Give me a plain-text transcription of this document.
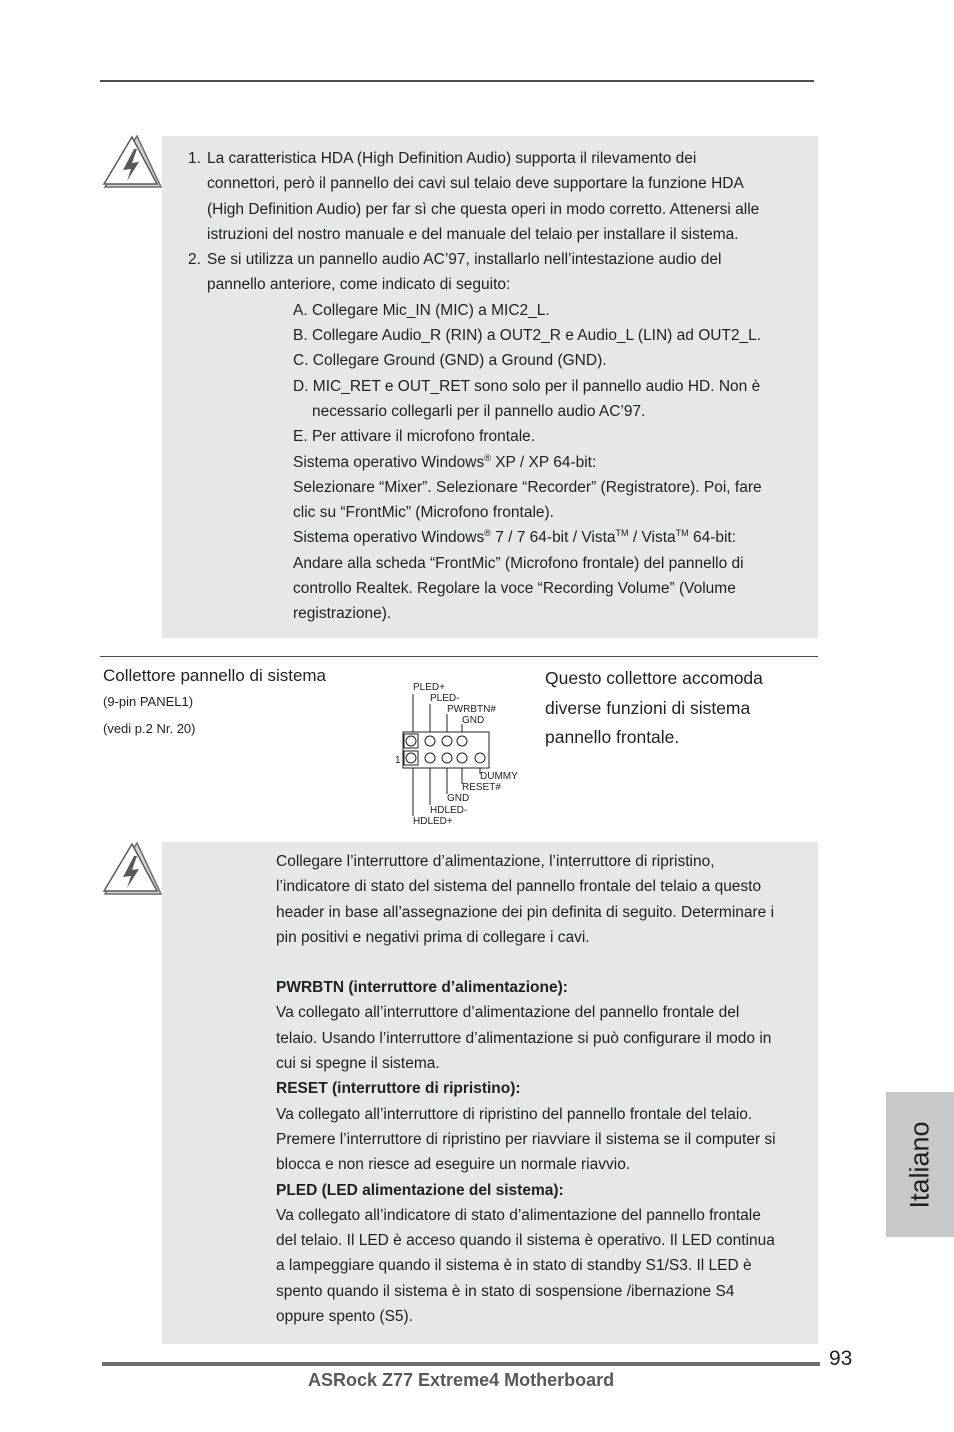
1. La caratteristica HDA (High Definition Audio) supporta il rilevamento dei

connettori, però il pannello dei cavi sul telaio deve supportare la funzione HDA

(High Definition Audio) per far sì che questa operi in modo corretto. Attenersi alle

istruzioni del nostro manuale e del manuale del telaio per installare il sistema.

2. Se si utilizza un pannello audio AC’97, installarlo nell’intestazione audio del

pannello anteriore, come indicato di seguito:

A. Collegare Mic_IN (MIC) a MIC2_L.

B. Collegare Audio_R (RIN) a OUT2_R e Audio_L (LIN) ad OUT2_L.

C. Collegare Ground (GND) a Ground (GND).

D. MIC_RET e OUT_RET sono solo per il pannello audio HD. Non è

necessario collegarli per il pannello audio AC’97.

E. Per attivare il microfono frontale.

Sistema operativo Windows® XP / XP 64-bit:

Selezionare “Mixer”. Selezionare “Recorder” (Registratore). Poi, fare

clic su “FrontMic” (Microfono frontale).

Sistema operativo Windows® 7 / 7 64-bit / Vista™ / Vista™ 64-bit:

Andare alla scheda “FrontMic” (Microfono frontale) del pannello di

controllo Realtek. Regolare la voce “Recording Volume” (Volume

registrazione).

Collettore pannello di sistema
(9-pin PANEL1)
(vedi p.2 Nr. 20)
PLED+
PLED-
PWRBTN#
GND
DUMMY
RESET#
GND
HDLED-
HDLED+
1
Questo collettore accomoda
diverse funzioni di sistema
pannello frontale.

Collegare l’interruttore d’alimentazione, l’interruttore di ripristino,

l’indicatore di stato del sistema del pannello frontale del telaio a questo

header in base all’assegnazione dei pin definita di seguito. Determinare i

pin positivi e negativi prima di collegare i cavi.

PWRBTN (interruttore d’alimentazione):

Va collegato all’interruttore d’alimentazione del pannello frontale del

telaio. Usando l’interruttore d’alimentazione si può configurare il modo in

cui si spegne il sistema.

RESET (interruttore di ripristino):

Va collegato all’interruttore di ripristino del pannello frontale del telaio.

Premere l’interruttore di ripristino per riavviare il sistema se il computer si

blocca e non riesce ad eseguire un normale riavvio.

PLED (LED alimentazione del sistema):

Va collegato all’indicatore di stato d’alimentazione del pannello frontale

del telaio. Il LED è acceso quando il sistema è operativo. Il LED continua

a lampeggiare quando il sistema è in stato di standby S1/S3. Il LED è

spento quando il sistema è in stato di sospensione /ibernazione S4

oppure spento (S5).

Italiano
93
ASRock Z77 Extreme4 Motherboard
